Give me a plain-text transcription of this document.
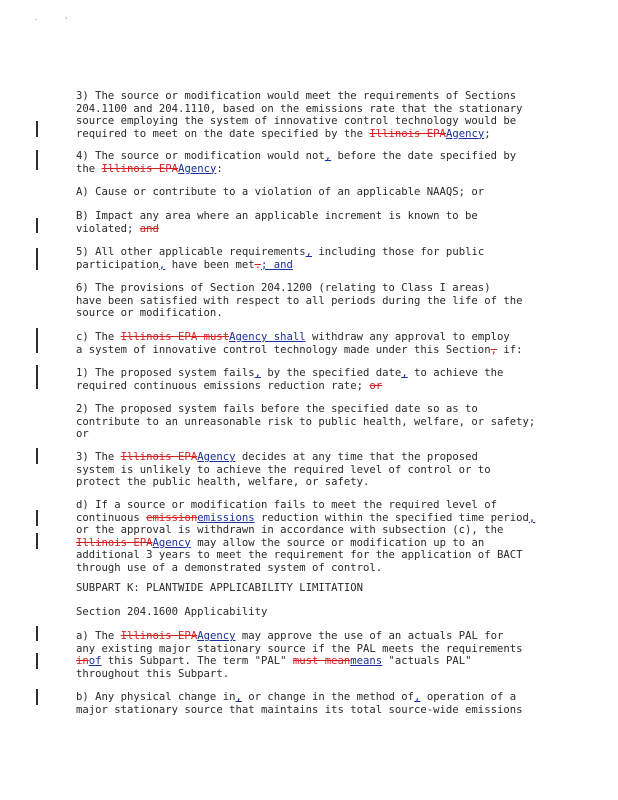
.	›
3) The source or modification would meet the requirements of Sections
204.1100 and 204.1110, based on the emissions rate that the stationary
source employing the system of innovative control technology would be
required to meet on the date specified by the Illinois EPAAgency;
4) The source or modification would not, before the date specified by
the Illinois EPAAgency:
A) Cause or contribute to a violation of an applicable NAAQS; or
B) Impact any area where an applicable increment is known to be
violated; and
5) All other applicable requirements, including those for public
participation, have been met.; and
6) The provisions of Section 204.1200 (relating to Class I areas)
have been satisfied with respect to all periods during the life of the
source or modification.
c) The Illinois EPA mustAgency shall withdraw any approval to employ
a system of innovative control technology made under this Section, if:
1) The proposed system fails, by the specified date, to achieve the
required continuous emissions reduction rate; or
2) The proposed system fails before the specified date so as to
contribute to an unreasonable risk to public health, welfare, or safety;
or
3) The Illinois EPAAgency decides at any time that the proposed
system is unlikely to achieve the required level of control or to
protect the public health, welfare, or safety.
d) If a source or modification fails to meet the required level of
continuous emissionemissions reduction within the specified time period,
or the approval is withdrawn in accordance with subsection (c), the
Illinois EPAAgency may allow the source or modification up to an
additional 3 years to meet the requirement for the application of BACT
through use of a demonstrated system of control.
SUBPART K: PLANTWIDE APPLICABILITY LIMITATION
Section 204.1600 Applicability
a) The Illinois EPAAgency may approve the use of an actuals PAL for
any existing major stationary source if the PAL meets the requirements
inof this Subpart. The term "PAL" must meanmeans "actuals PAL"
throughout this Subpart.
b) Any physical change in, or change in the method of, operation of a
major stationary source that maintains its total source-wide emissions
